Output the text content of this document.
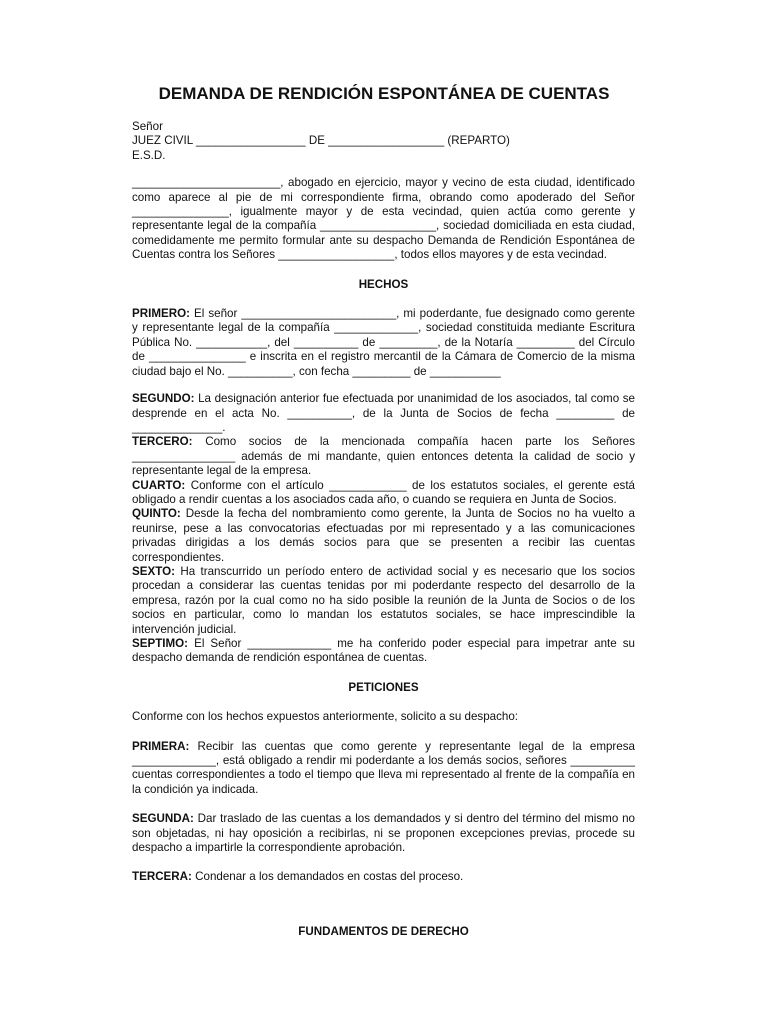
DEMANDA DE RENDICIÓN ESPONTÁNEA DE CUENTAS
Señor
JUEZ CIVIL _________________ DE __________________ (REPARTO)
E.S.D.

_______________________, abogado en ejercicio, mayor y vecino de esta ciudad, identificado como aparece al pie de mi correspondiente firma, obrando como apoderado del Señor _______________, igualmente mayor y de esta vecindad, quien actúa como gerente y representante legal de la compañía __________________, sociedad domiciliada en esta ciudad, comedidamente me permito formular ante su despacho Demanda de Rendición Espontánea de Cuentas contra los Señores __________________, todos ellos mayores y de esta vecindad.

HECHOS

PRIMERO: El señor ________________________, mi poderdante, fue designado como gerente y representante legal de la compañía _____________, sociedad constituida mediante Escritura Pública No. ___________, del __________ de _________, de la Notaría _________ del Círculo de _______________ e inscrita en el registro mercantil de la Cámara de Comercio de la misma ciudad bajo el No. __________, con fecha _________ de ___________

SEGUNDO: La designación anterior fue efectuada por unanimidad de los asociados, tal como se desprende en el acta No. __________, de la Junta de Socios de fecha _________ de ______________.

TERCERO: Como socios de la mencionada compañía hacen parte los Señores ________________ además de mi mandante, quien entonces detenta la calidad de socio y representante legal de la empresa.

CUARTO: Conforme con el artículo ____________ de los estatutos sociales, el gerente está obligado a rendir cuentas a los asociados cada año, o cuando se requiera en Junta de Socios.

QUINTO: Desde la fecha del nombramiento como gerente, la Junta de Socios no ha vuelto a reunirse, pese a las convocatorias efectuadas por mi representado y a las comunicaciones privadas dirigidas a los demás socios para que se presenten a recibir las cuentas correspondientes.

SEXTO: Ha transcurrido un período entero de actividad social y es necesario que los socios procedan a considerar las cuentas tenidas por mi poderdante respecto del desarrollo de la empresa, razón por la cual como no ha sido posible la reunión de la Junta de Socios o de los socios en particular, como lo mandan los estatutos sociales, se hace imprescindible la intervención judicial.

SEPTIMO: El Señor _____________ me ha conferido poder especial para impetrar ante su despacho demanda de rendición espontánea de cuentas.

PETICIONES

Conforme con los hechos expuestos anteriormente, solicito a su despacho:

PRIMERA: Recibir las cuentas que como gerente y representante legal de la empresa _____________, está obligado a rendir mi poderdante a los demás socios, señores __________ cuentas correspondientes a todo el tiempo que lleva mi representado al frente de la compañía en la condición ya indicada.

SEGUNDA: Dar traslado de las cuentas a los demandados y si dentro del término del mismo no son objetadas, ni hay oposición a recibirlas, ni se proponen excepciones previas, procede su despacho a impartirle la correspondiente aprobación.

TERCERA: Condenar a los demandados en costas del proceso.

FUNDAMENTOS DE DERECHO
